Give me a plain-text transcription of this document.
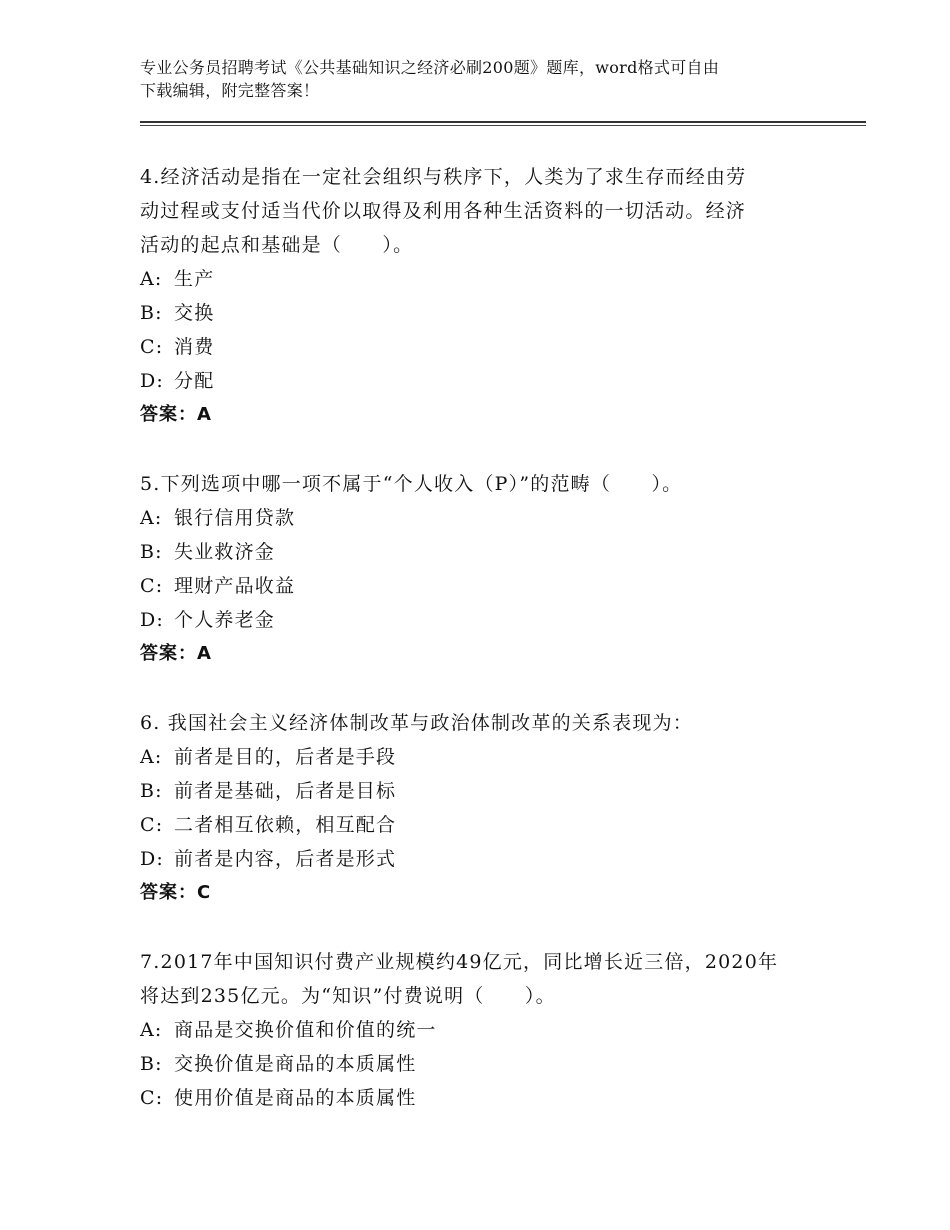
专业公务员招聘考试《公共基础知识之经济必刷200题》题库，word格式可自由
下载编辑，附完整答案！
4.经济活动是指在一定社会组织与秩序下，人类为了求生存而经由劳
动过程或支付适当代价以取得及利用各种生活资料的一切活动。经济
活动的起点和基础是（　　）。
A: 生产
B: 交换
C: 消费
D: 分配
答案：A
5.下列选项中哪一项不属于“个人收入（P）”的范畴（　　）。
A: 银行信用贷款
B: 失业救济金
C: 理财产品收益
D: 个人养老金
答案：A
6. 我国社会主义经济体制改革与政治体制改革的关系表现为：
A: 前者是目的，后者是手段
B: 前者是基础，后者是目标
C: 二者相互依赖，相互配合
D: 前者是内容，后者是形式
答案：C
7.2017年中国知识付费产业规模约49亿元，同比增长近三倍，2020年
将达到235亿元。为“知识”付费说明（　　）。
A: 商品是交换价值和价值的统一
B: 交换价值是商品的本质属性
C: 使用价值是商品的本质属性
